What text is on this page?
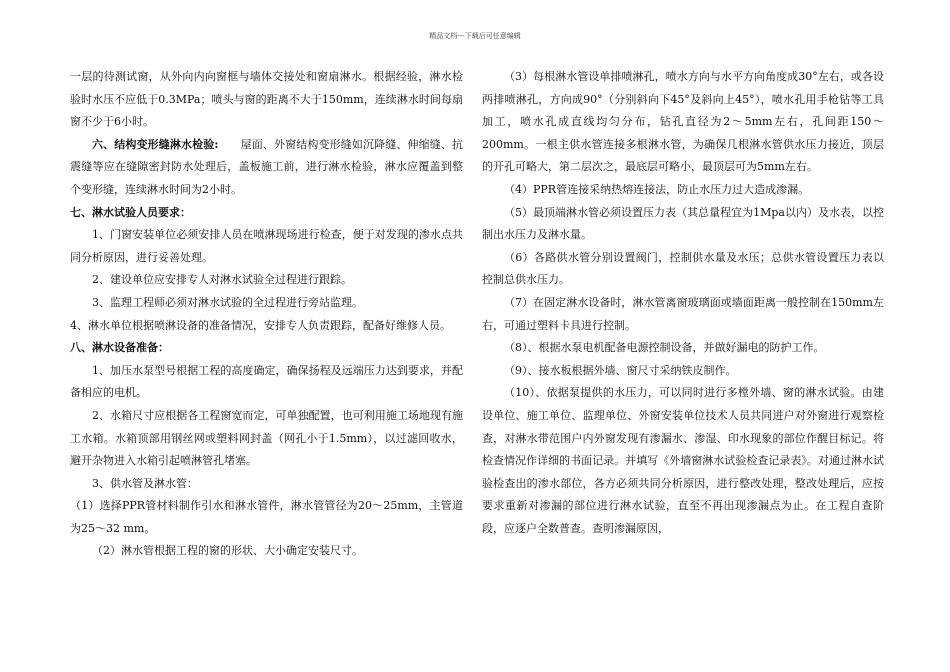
精品文档---下载后可任意编辑

一层的待测试窗，从外向内向窗框与墙体交接处和窗扇淋水。根据经验，淋水检验时水压不应低于0.3MPa；喷头与窗的距离不大于150mm，连续淋水时间每扇窗不少于6小时。

六、结构变形缝淋水检验:   屋面、外窗结构变形缝如沉降缝、伸缩缝、抗震缝等应在缝隙密封防水处理后，盖板施工前，进行淋水检验，淋水应覆盖到整个变形缝，连续淋水时间为2小时。

七、淋水试验人员要求：

1、门窗安装单位必须安排人员在喷淋现场进行检查，便于对发现的渗水点共同分析原因，进行妥善处理。

2、建设单位应安排专人对淋水试验全过程进行跟踪。

3、监理工程师必须对淋水试验的全过程进行旁站监理。

4、淋水单位根据喷淋设备的准备情况，安排专人负责跟踪，配备好维修人员。

八、淋水设备准备：

1、加压水泵型号根据工程的高度确定，确保扬程及远端压力达到要求，并配备相应的电机。

2、水箱尺寸应根据各工程窗宽而定，可单独配置，也可利用施工场地现有施工水箱。水箱顶部用钢丝网或塑料网封盖（网孔小于1.5mm），以过滤回收水，避开杂物进入水箱引起喷淋管孔堵塞。

3、供水管及淋水管：

（1）选择PPR管材料制作引水和淋水管件，淋水管管径为20～25mm，主管道为25～32 mm。

（2）淋水管根据工程的窗的形状、大小确定安装尺寸。

（3）每根淋水管设单排喷淋孔，喷水方向与水平方向角度成30°左右，或各设两排喷淋孔，方向成90°（分别斜向下45°及斜向上45°），喷水孔用手枪钻等工具加工，喷水孔成直线均匀分布，钻孔直径为2～5mm左右，孔间距150～200mm。一根主供水管连接多根淋水管，为确保几根淋水管供水压力接近，顶层的开孔可略大，第二层次之，最底层可略小，最顶层可为5mm左右。

（4）PPR管连接采纳热熔连接法，防止水压力过大造成渗漏。

（5）最顶端淋水管必须设置压力表（其总量程宜为1Mpa以内）及水表，以控制出水压力及淋水量。

（6）各路供水管分别设置阀门，控制供水量及水压；总供水管设置压力表以控制总供水压力。

（7）在固定淋水设备时，淋水管离窗玻璃面或墙面距离一般控制在150mm左右，可通过塑料卡具进行控制。

（8）、根据水泵电机配备电源控制设备，并做好漏电的防护工作。

（9）、接水板根据外墙、窗尺寸采纳铁皮制作。

（10）、依据泵提供的水压力，可以同时进行多樘外墙、窗的淋水试验。由建设单位、施工单位、监理单位、外窗安装单位技术人员共同进户对外窗进行观察检查，对淋水带范围户内外窗发现有渗漏水、渗湿、印水现象的部位作醒目标记。将检查情况作详细的书面记录。并填写《外墙窗淋水试验检查记录表》。对通过淋水试验检查出的渗水部位，各方必须共同分析原因，进行整改处理，整改处理后，应按要求重新对渗漏的部位进行淋水试验，直至不再出现渗漏点为止。在工程自查阶段，应逐户全数普查。查明渗漏原因，
